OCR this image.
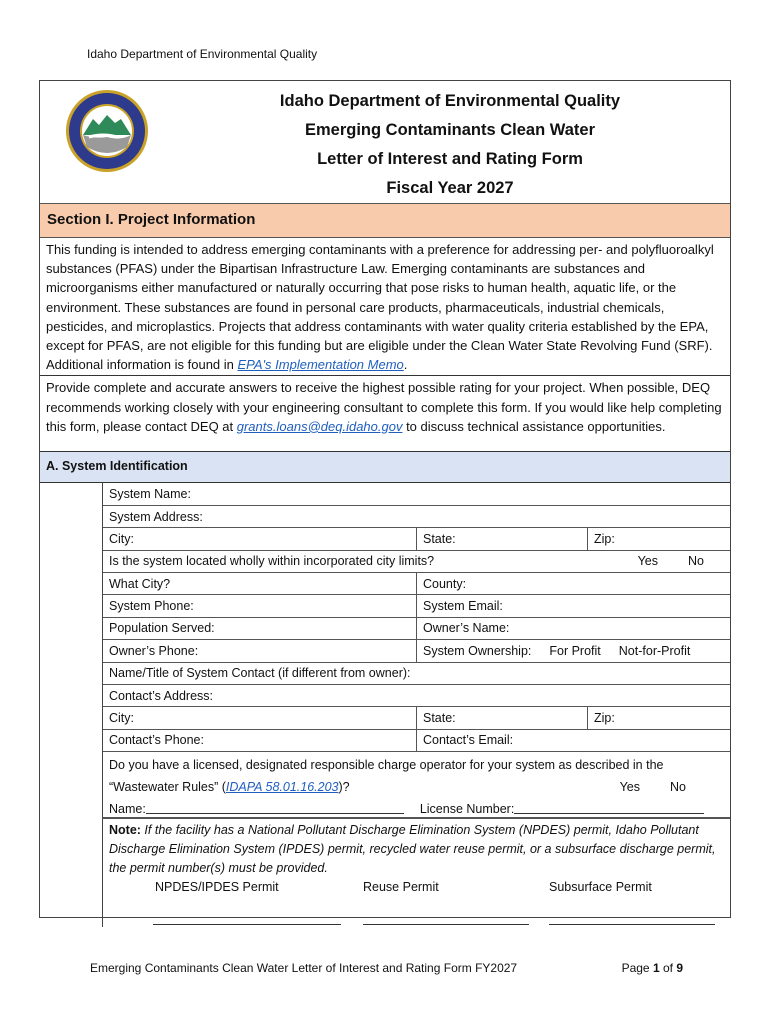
Idaho Department of Environmental Quality
Idaho Department of Environmental Quality
Emerging Contaminants Clean Water
Letter of Interest and Rating Form
Fiscal Year 2027
Section I. Project Information
This funding is intended to address emerging contaminants with a preference for addressing per- and polyfluoroalkyl substances (PFAS) under the Bipartisan Infrastructure Law. Emerging contaminants are substances and microorganisms either manufactured or naturally occurring that pose risks to human health, aquatic life, or the environment. These substances are found in personal care products, pharmaceuticals, industrial chemicals, pesticides, and microplastics. Projects that address contaminants with water quality criteria established by the EPA, except for PFAS, are not eligible for this funding but are eligible under the Clean Water State Revolving Fund (SRF). Additional information is found in EPA's Implementation Memo.
Provide complete and accurate answers to receive the highest possible rating for your project. When possible, DEQ recommends working closely with your engineering consultant to complete this form. If you would like help completing this form, please contact DEQ at grants.loans@deq.idaho.gov to discuss technical assistance opportunities.
A. System Identification
System Name:
System Address:
City:	State:	Zip:
Is the system located wholly within incorporated city limits?	Yes No
What City?	County:
System Phone:	System Email:
Population Served:	Owner’s Name:
Owner’s Phone:	System Ownership: For Profit Not-for-Profit
Name/Title of System Contact (if different from owner):
Contact’s Address:
City:	State:	Zip:
Contact’s Phone:	Contact’s Email:
Do you have a licensed, designated responsible charge operator for your system as described in the
“Wastewater Rules” ( IDAPA 58.01.16.203 )?	Yes No
Name:	License Number:
Note: If the facility has a National Pollutant Discharge Elimination System (NPDES) permit, Idaho Pollutant Discharge Elimination System (IPDES) permit, recycled water reuse permit, or a subsurface discharge permit, the permit number(s) must be provided.
NPDES/IPDES Permit	Reuse Permit	Subsurface Permit
Emerging Contaminants Clean Water Letter of Interest and Rating Form FY2027	Page 1 of 9
